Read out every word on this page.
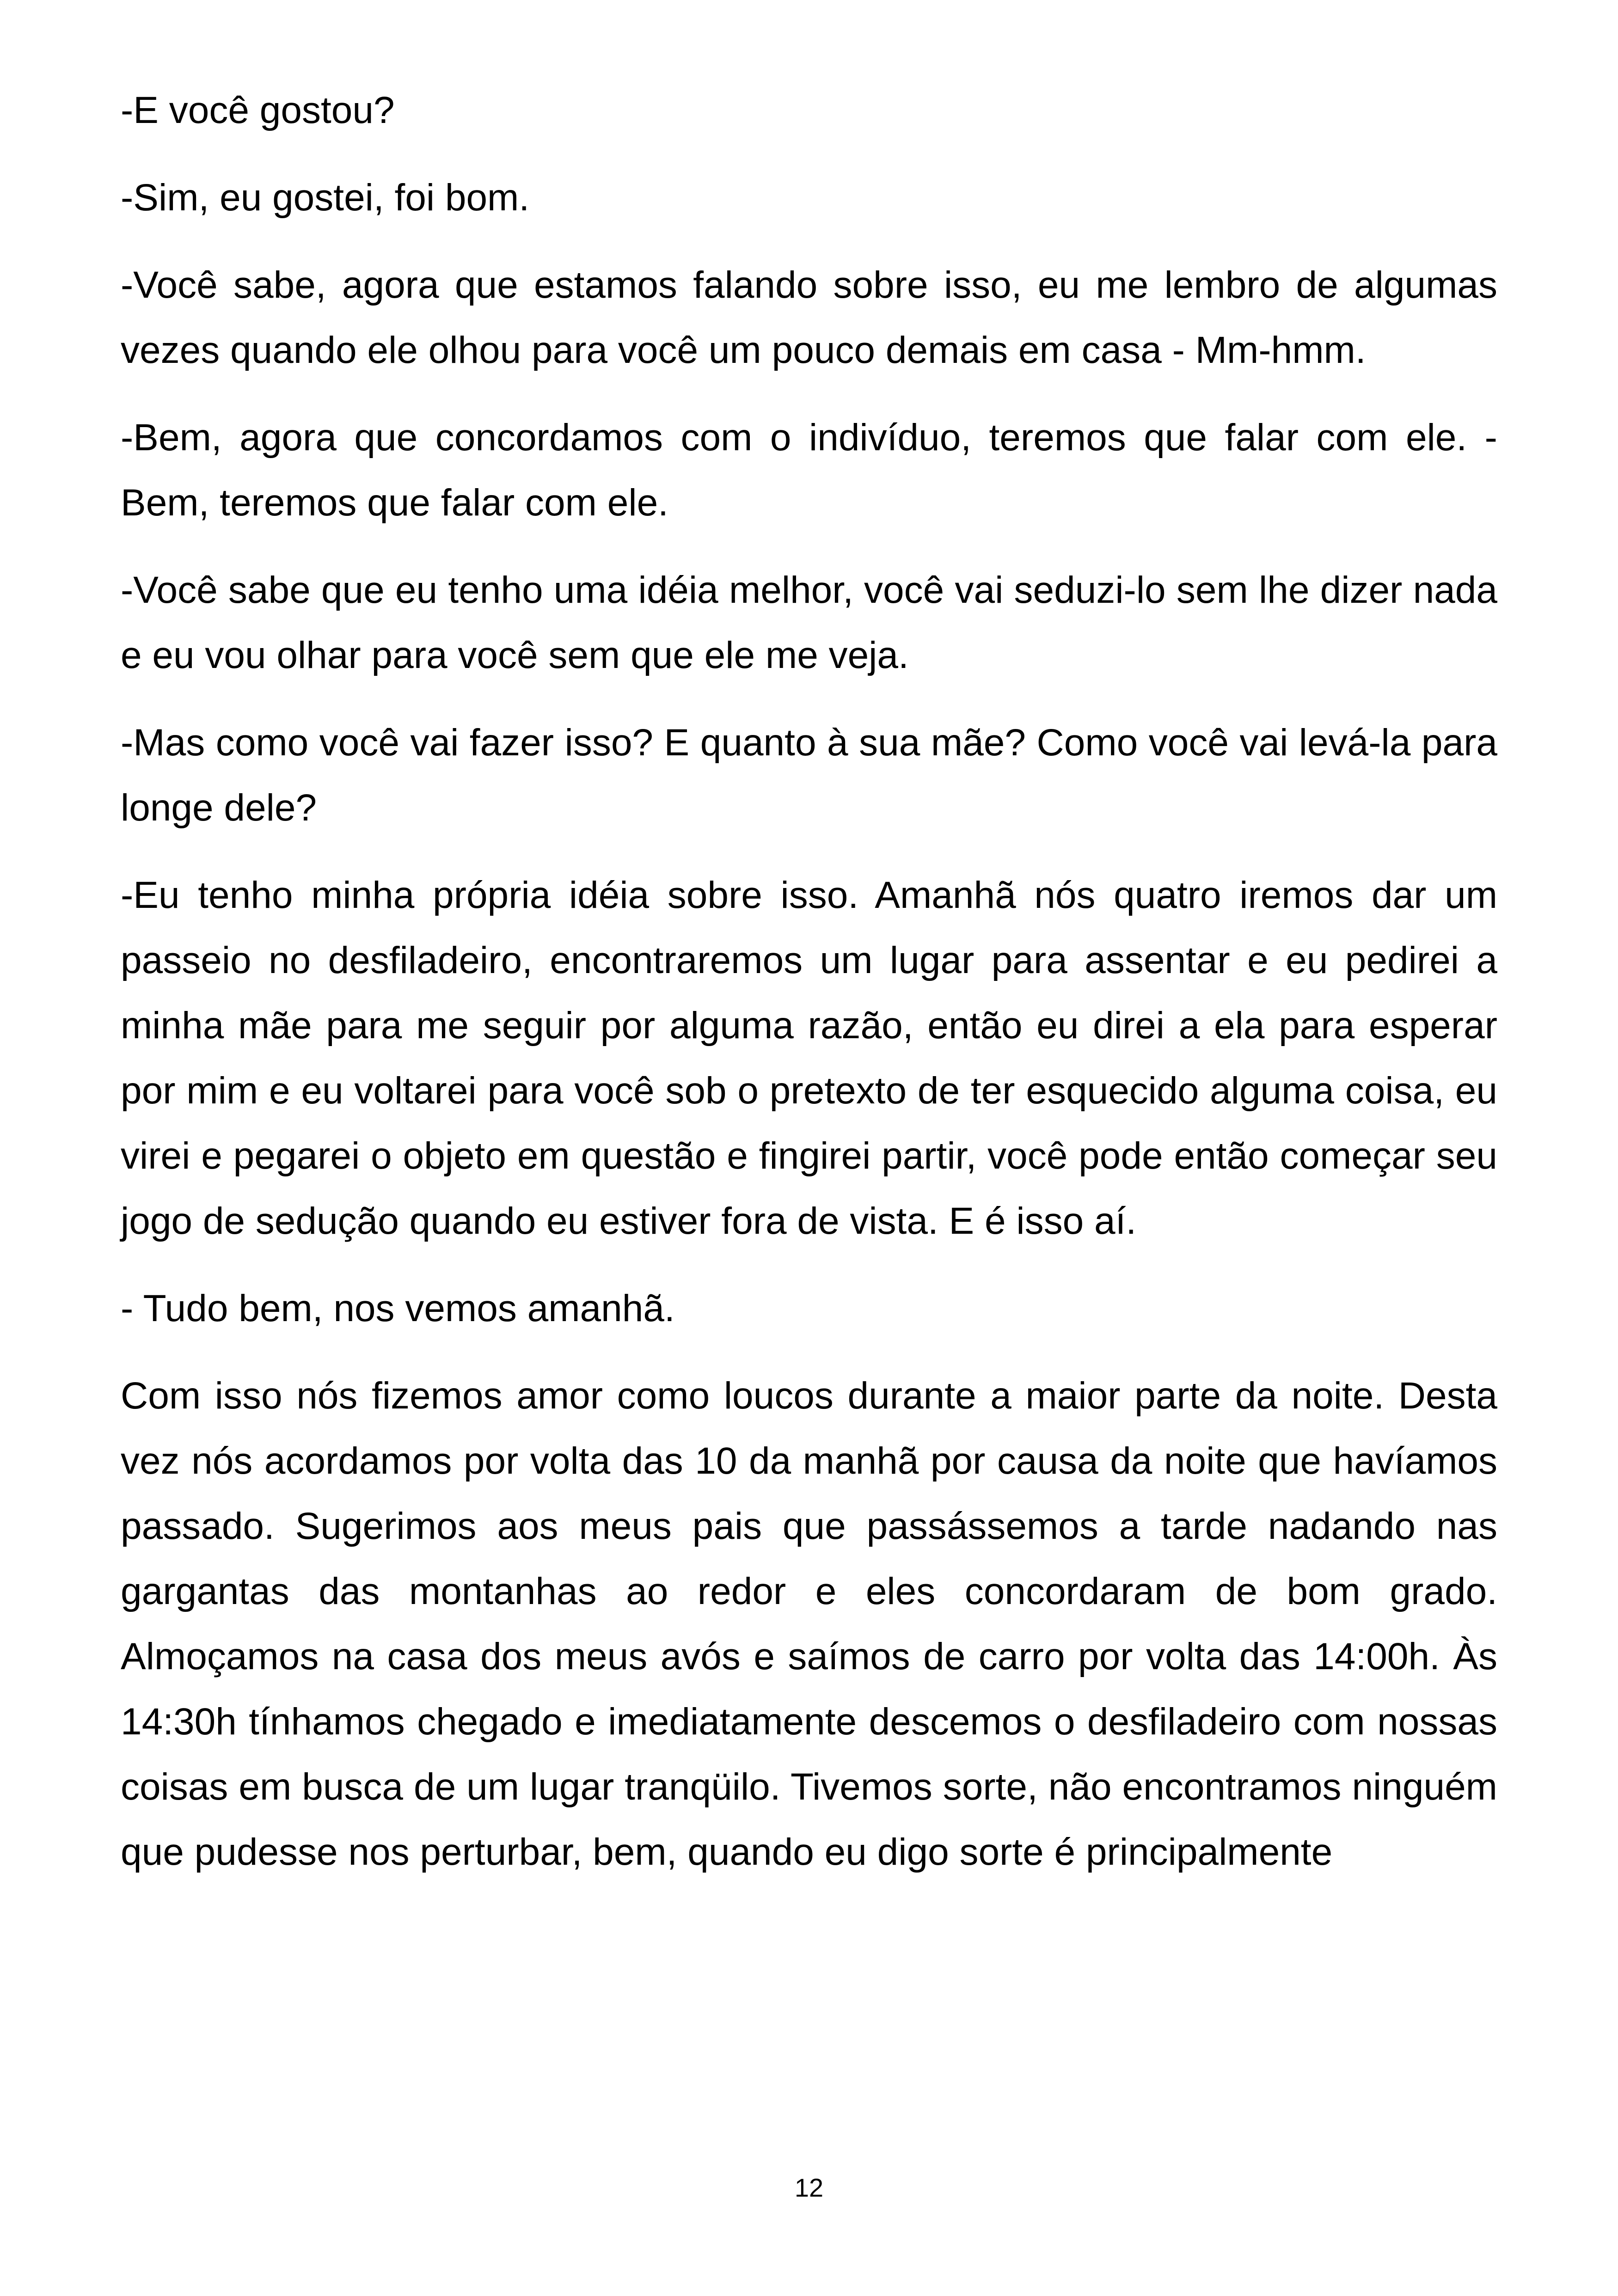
-E você gostou?

-Sim, eu gostei, foi bom.

-Você sabe, agora que estamos falando sobre isso, eu me lembro de algumas vezes quando ele olhou para você um pouco demais em casa - Mm-hmm.

-Bem, agora que concordamos com o indivíduo, teremos que falar com ele. -Bem, teremos que falar com ele.

-Você sabe que eu tenho uma idéia melhor, você vai seduzi-lo sem lhe dizer nada e eu vou olhar para você sem que ele me veja.

-Mas como você vai fazer isso? E quanto à sua mãe? Como você vai levá-la para longe dele?

-Eu tenho minha própria idéia sobre isso. Amanhã nós quatro iremos dar um passeio no desfiladeiro, encontraremos um lugar para assentar e eu pedirei a minha mãe para me seguir por alguma razão, então eu direi a ela para esperar por mim e eu voltarei para você sob o pretexto de ter esquecido alguma coisa, eu virei e pegarei o objeto em questão e fingirei partir, você pode então começar seu jogo de sedução quando eu estiver fora de vista. E é isso aí.

- Tudo bem, nos vemos amanhã.

Com isso nós fizemos amor como loucos durante a maior parte da noite. Desta vez nós acordamos por volta das 10 da manhã por causa da noite que havíamos passado. Sugerimos aos meus pais que passássemos a tarde nadando nas gargantas das montanhas ao redor e eles concordaram de bom grado. Almoçamos na casa dos meus avós e saímos de carro por volta das 14:00h. Às 14:30h tínhamos chegado e imediatamente descemos o desfiladeiro com nossas coisas em busca de um lugar tranqüilo. Tivemos sorte, não encontramos ninguém que pudesse nos perturbar, bem, quando eu digo sorte é principalmente

12
